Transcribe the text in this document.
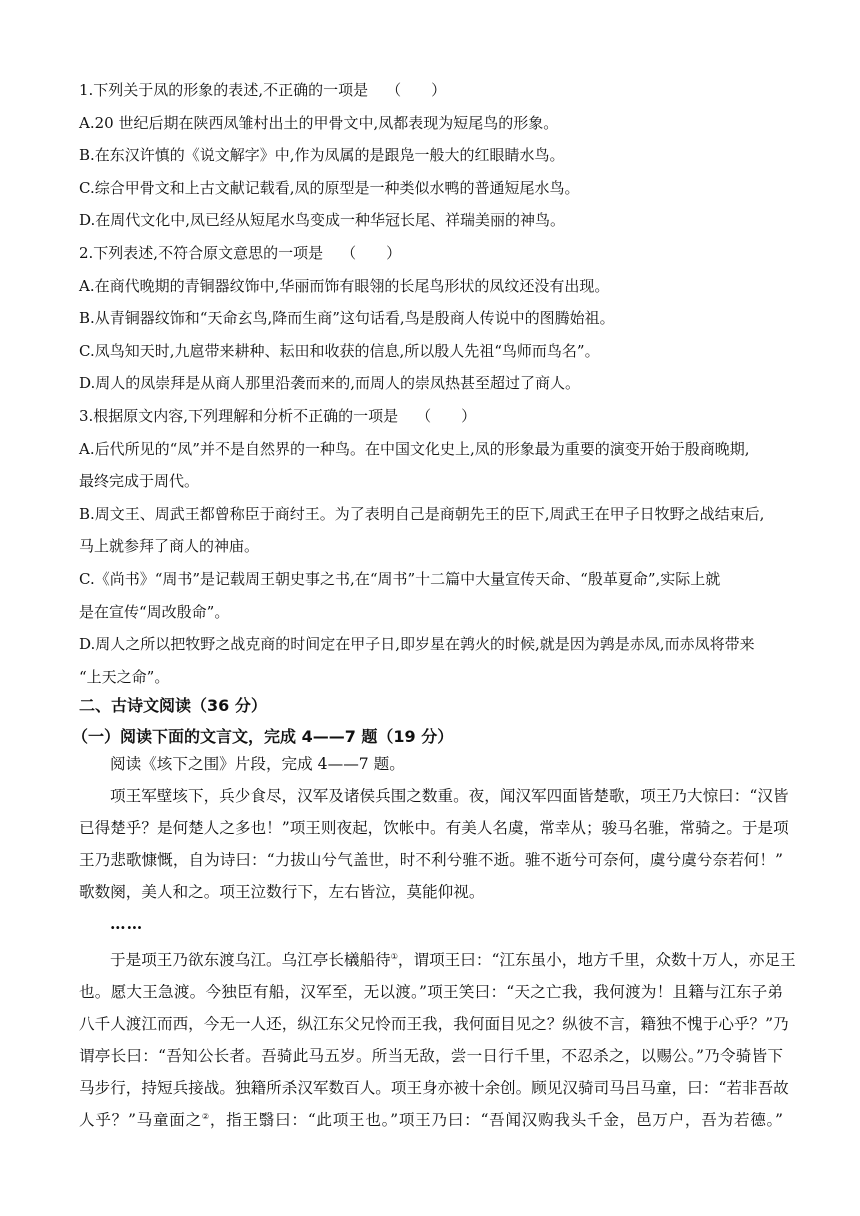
1.下列关于凤的形象的表述,不正确的一项是 （　　）
A.20 世纪后期在陕西凤雏村出土的甲骨文中,凤都表现为短尾鸟的形象。
B.在东汉许慎的《说文解字》中,作为凤属的是跟凫一般大的红眼睛水鸟。
C.综合甲骨文和上古文献记载看,凤的原型是一种类似水鸭的普通短尾水鸟。
D.在周代文化中,凤已经从短尾水鸟变成一种华冠长尾、祥瑞美丽的神鸟。
2.下列表述,不符合原文意思的一项是 （　　）
A.在商代晚期的青铜器纹饰中,华丽而饰有眼翎的长尾鸟形状的凤纹还没有出现。
B.从青铜器纹饰和“天命玄鸟,降而生商”这句话看,鸟是殷商人传说中的图腾始祖。
C.凤鸟知天时,九扈带来耕种、耘田和收获的信息,所以殷人先祖“鸟师而鸟名”。
D.周人的凤崇拜是从商人那里沿袭而来的,而周人的崇凤热甚至超过了商人。
3.根据原文内容,下列理解和分析不正确的一项是 （　　）
A.后代所见的“凤”并不是自然界的一种鸟。在中国文化史上,凤的形象最为重要的演变开始于殷商晚期,
最终完成于周代。
B.周文王、周武王都曾称臣于商纣王。为了表明自己是商朝先王的臣下,周武王在甲子日牧野之战结束后,
马上就参拜了商人的神庙。
C.《尚书》“周书”是记载周王朝史事之书,在“周书”十二篇中大量宣传天命、“殷革夏命”,实际上就
是在宣传“周改殷命”。
D.周人之所以把牧野之战克商的时间定在甲子日,即岁星在鹑火的时候,就是因为鹑是赤凤,而赤凤将带来
“上天之命”。
二、古诗文阅读（36 分）
（一）阅读下面的文言文，完成 4——7 题（19 分）
阅读《垓下之围》片段，完成 4——7 题。
项王军壁垓下，兵少食尽，汉军及诸侯兵围之数重。夜，闻汉军四面皆楚歌，项王乃大惊曰：“汉皆
已得楚乎？是何楚人之多也！”项王则夜起，饮帐中。有美人名虞，常幸从；骏马名骓，常骑之。于是项
王乃悲歌慷慨，自为诗曰：“力拔山兮气盖世，时不利兮骓不逝。骓不逝兮可奈何，虞兮虞兮奈若何！”
歌数阕，美人和之。项王泣数行下，左右皆泣，莫能仰视。
……
于是项王乃欲东渡乌江。乌江亭长檥船待①，谓项王曰：“江东虽小，地方千里，众数十万人，亦足王
也。愿大王急渡。今独臣有船，汉军至，无以渡。”项王笑曰：“天之亡我，我何渡为！且籍与江东子弟
八千人渡江而西，今无一人还，纵江东父兄怜而王我，我何面目见之？纵彼不言，籍独不愧于心乎？”乃
谓亭长曰：“吾知公长者。吾骑此马五岁。所当无敌，尝一日行千里，不忍杀之，以赐公。”乃令骑皆下
马步行，持短兵接战。独籍所杀汉军数百人。项王身亦被十余创。顾见汉骑司马吕马童，曰：“若非吾故
人乎？”马童面之②，指王翳曰：“此项王也。”项王乃曰：“吾闻汉购我头千金，邑万户，吾为若德。”
